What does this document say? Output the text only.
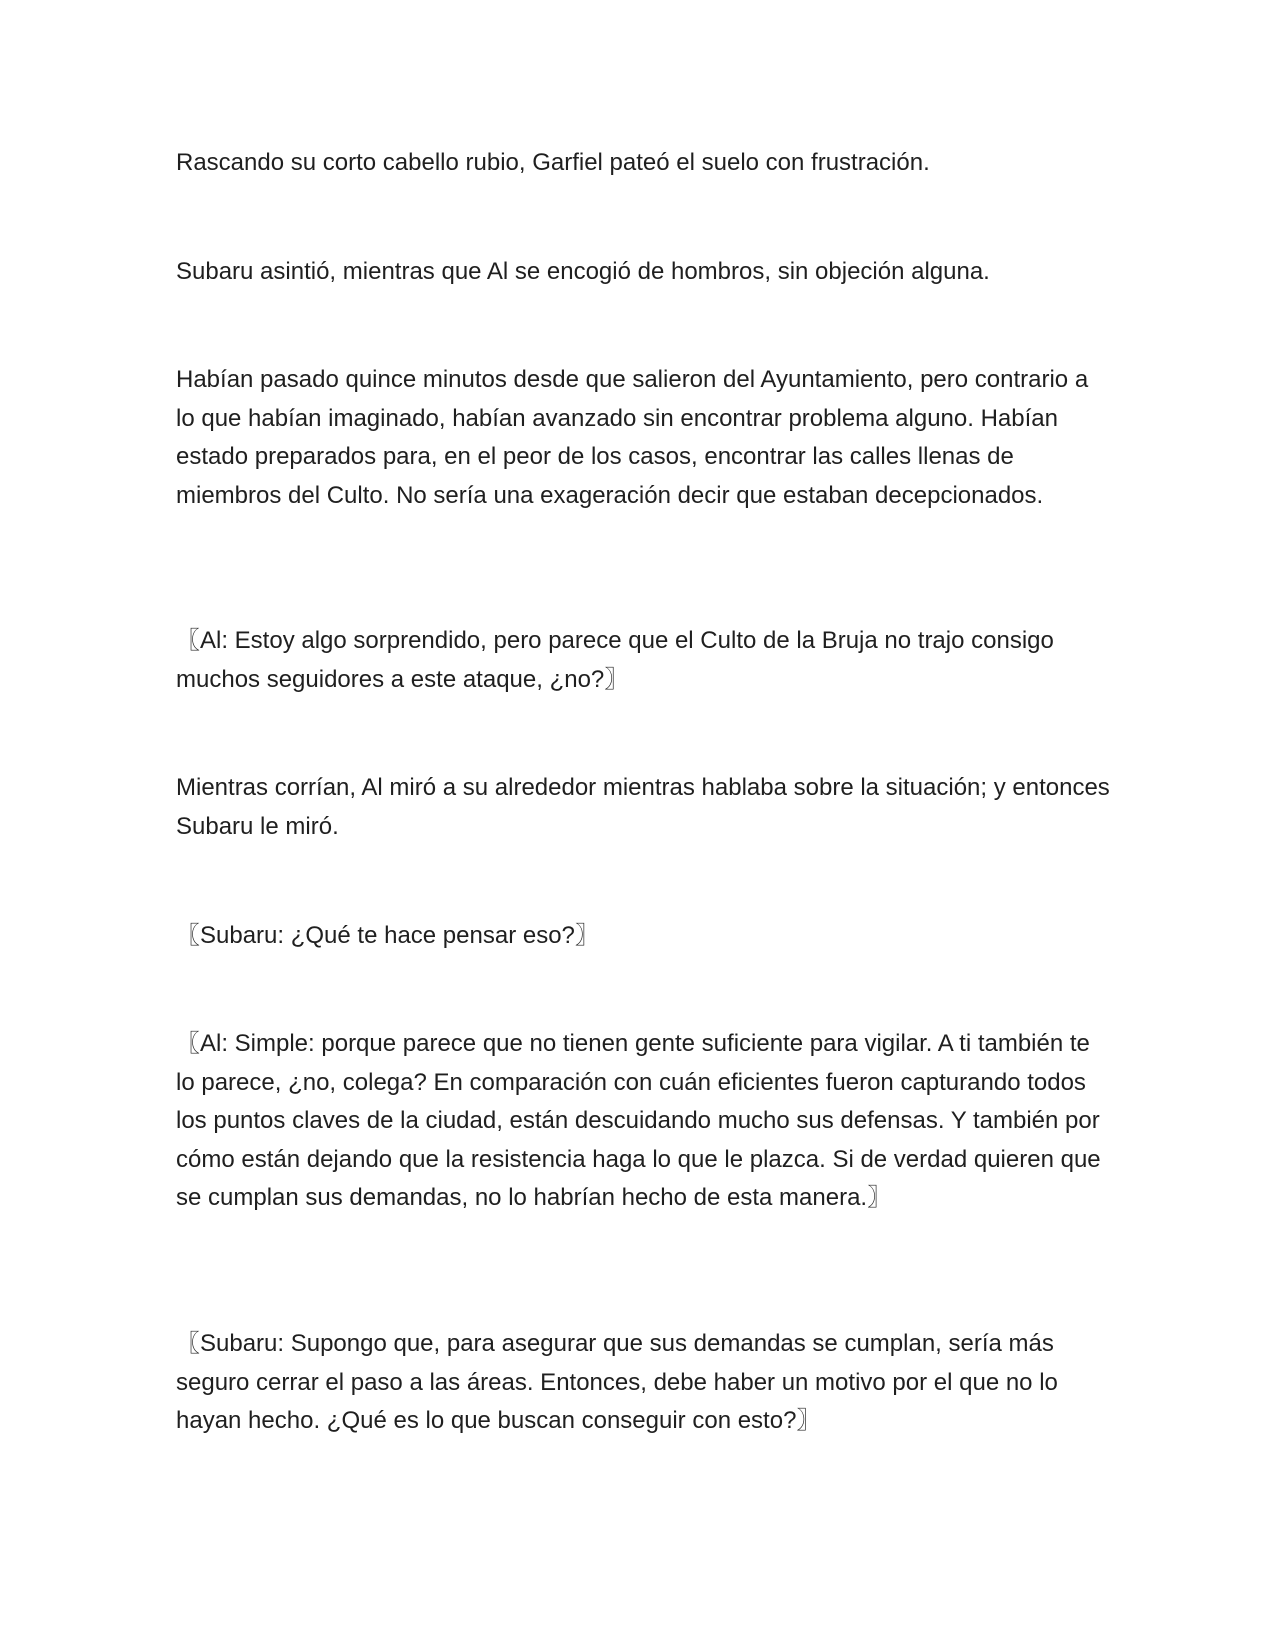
Rascando su corto cabello rubio, Garfiel pateó el suelo con frustración.

Subaru asintió, mientras que Al se encogió de hombros, sin objeción alguna.

Habían pasado quince minutos desde que salieron del Ayuntamiento, pero contrario a lo que habían imaginado, habían avanzado sin encontrar problema alguno. Habían estado preparados para, en el peor de los casos, encontrar las calles llenas de miembros del Culto. No sería una exageración decir que estaban decepcionados.

〖Al: Estoy algo sorprendido, pero parece que el Culto de la Bruja no trajo consigo muchos seguidores a este ataque, ¿no?〗

Mientras corrían, Al miró a su alrededor mientras hablaba sobre la situación; y entonces Subaru le miró.

〖Subaru: ¿Qué te hace pensar eso?〗

〖Al: Simple: porque parece que no tienen gente suficiente para vigilar. A ti también te lo parece, ¿no, colega? En comparación con cuán eficientes fueron capturando todos los puntos claves de la ciudad, están descuidando mucho sus defensas. Y también por cómo están dejando que la resistencia haga lo que le plazca. Si de verdad quieren que se cumplan sus demandas, no lo habrían hecho de esta manera.〗

〖Subaru: Supongo que, para asegurar que sus demandas se cumplan, sería más seguro cerrar el paso a las áreas. Entonces, debe haber un motivo por el que no lo hayan hecho. ¿Qué es lo que buscan conseguir con esto?〗
